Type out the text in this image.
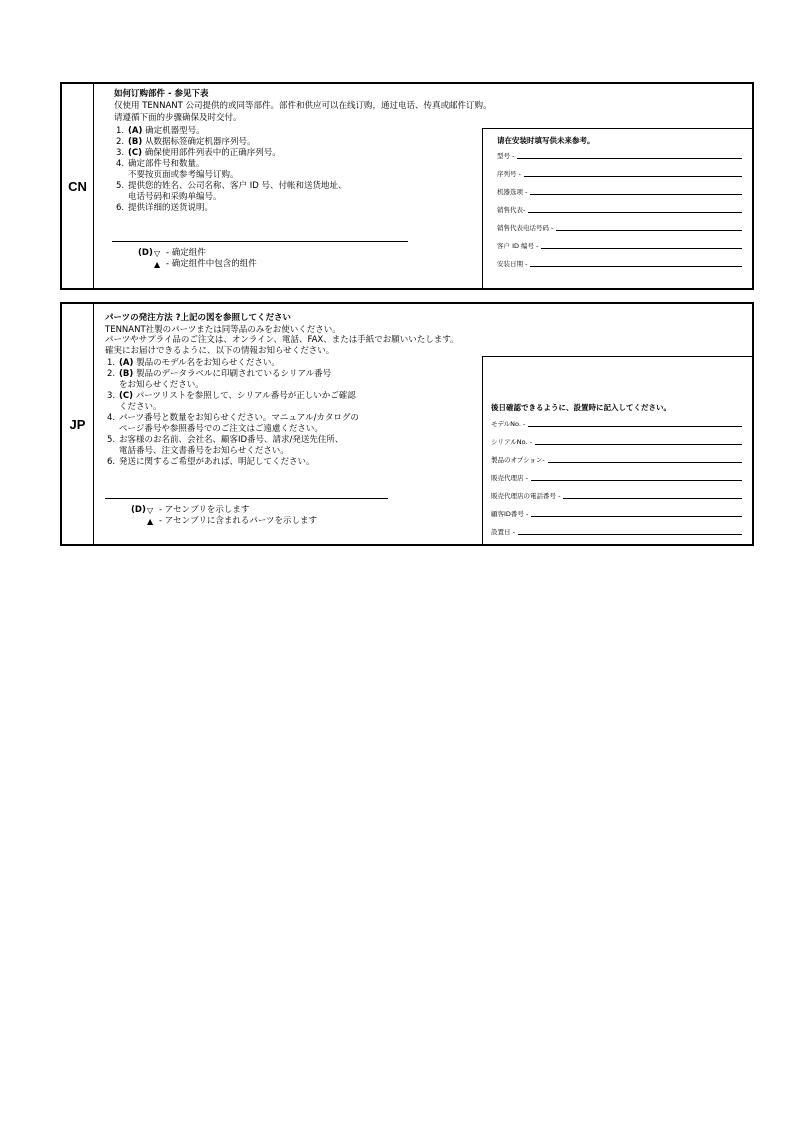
CN
如何订购部件 - 参见下表
仅使用 TENNANT 公司提供的或同等部件。部件和供应可以在线订购，通过电话、传真或邮件订购。
请遵循下面的步骤确保及时交付。
1. (A) 确定机器型号。
2. (B) 从数据标签确定机器序列号。
3. (C) 确保使用部件列表中的正确序列号。
4. 确定部件号和数量。
不要按页面或参考编号订购。
5. 提供您的姓名、公司名称、客户 ID 号、付帐和送货地址、
电话号码和采购单编号。
6. 提供详细的送货说明。
(D) ▽ - 确定组件
▲ - 确定组件中包含的组件
请在安装时填写供未来参考。
型号 -
序列号 -
机器选项 -
销售代表-
销售代表电话号码 -
客户 ID 编号 -
安装日期 -
JP
パーツの発注方法 ?上記の図を参照してください
TENNANT社製のパーツまたは同等品のみをお使いください。
パーツやサプライ品のご注文は、オンライン、電話、FAX、または手紙でお願いいたします。
確実にお届けできるように、以下の情報お知らせください。
1. (A) 製品のモデル名をお知らせください。
2. (B) 製品のデータラベルに印刷されているシリアル番号
をお知らせください。
3. (C) パーツリストを参照して、シリアル番号が正しいかご確認
ください。
4. パーツ番号と数量をお知らせください。マニュアル/カタログの
ページ番号や参照番号でのご注文はご遠慮ください。
5. お客様のお名前、会社名、顧客ID番号、請求/発送先住所、
電話番号、注文書番号をお知らせください。
6. 発送に関するご希望があれば、明記してください。
(D) ▽ - アセンブリを示します
▲ - アセンブリに含まれるパーツを示します
後日確認できるように、設置時に記入してください。
モデルNo. -
シリアルNo. -
製品のオプション-
販売代理店 -
販売代理店の電話番号 -
顧客ID番号 -
設置日 -
